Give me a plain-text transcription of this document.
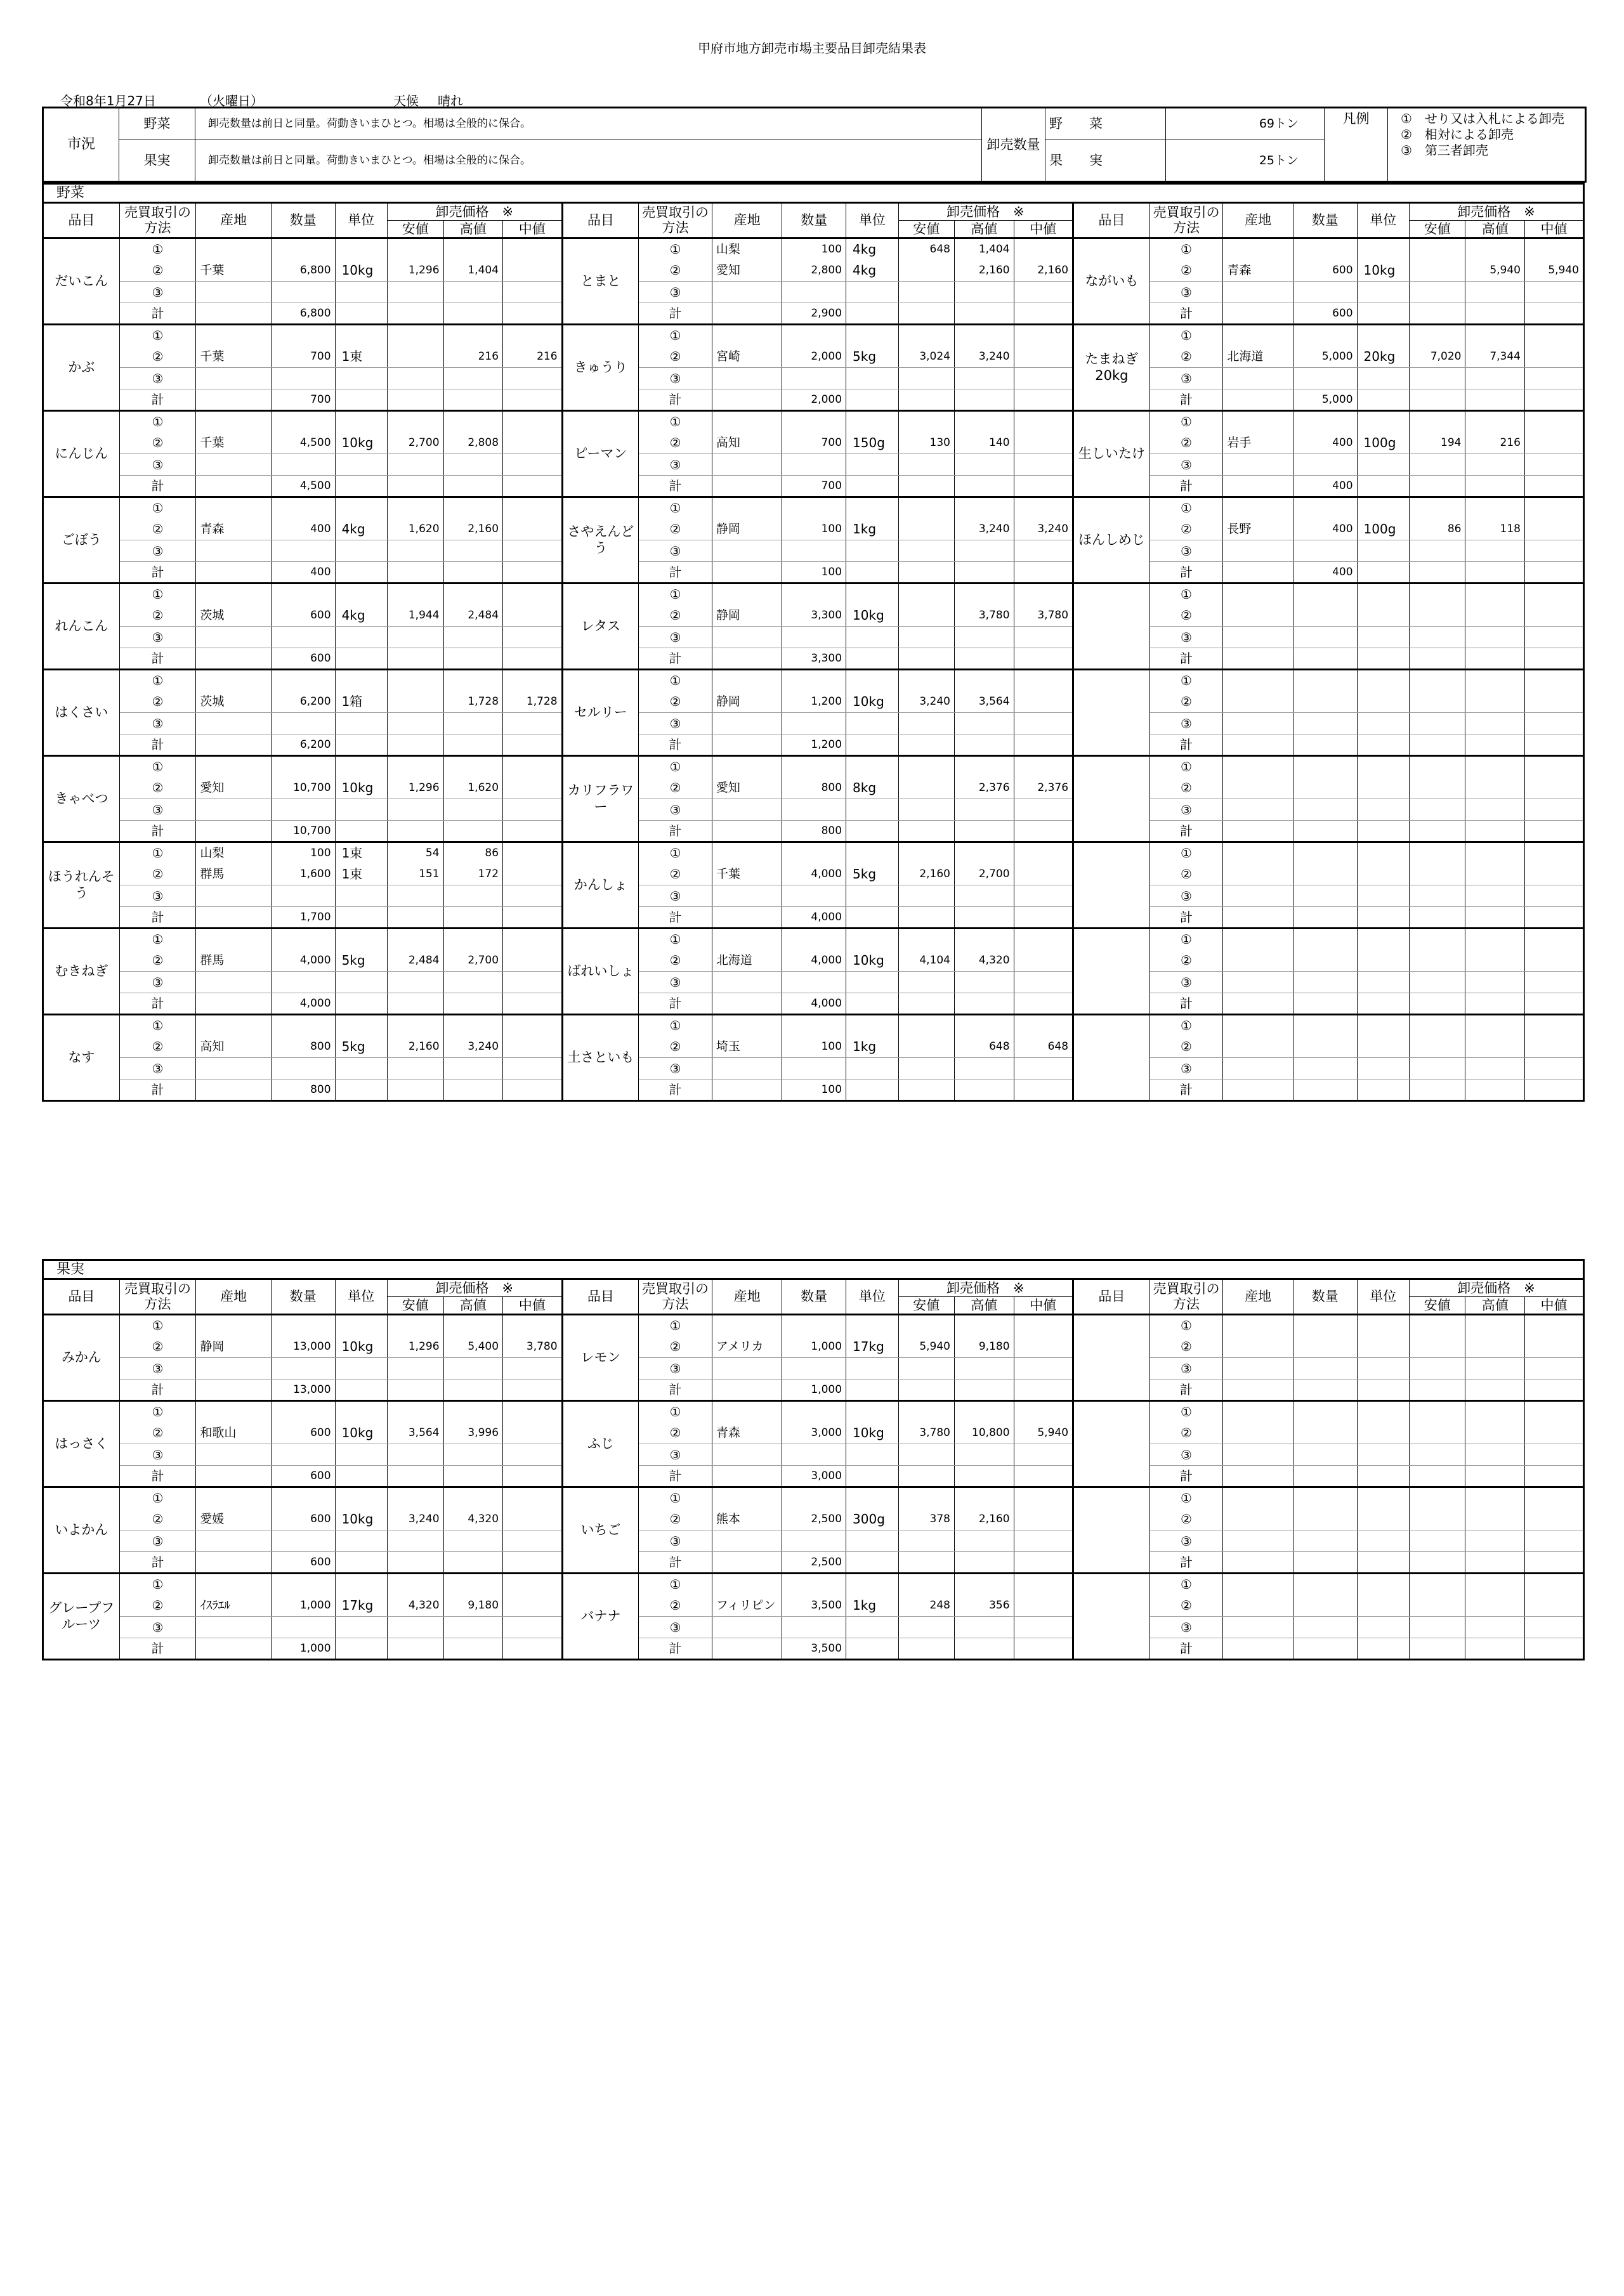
甲府市地方卸売市場主要品目卸売結果表
令和8年1月27日	（火曜日）	天候 晴れ
市況	野菜	卸売数量は前日と同量。荷動きいまひとつ。相場は全般的に保合。	卸売数量	野　　菜	69トン	凡例	①　せり又は入札による卸売
②　相対による卸売
③　第三者卸売

	果実	卸売数量は前日と同量。荷動きいまひとつ。相場は全般的に保合。		果　　実	25トン		
野菜																							
品目	売買取引の方法	産地	数量	単位	卸売価格　※			品目	売買取引の方法	産地	数量	単位	卸売価格　※			品目	売買取引の方法	産地	数量	単位	卸売価格　※		
					安値	高値	中値						安値	高値	中値						安値	高値	中値
だいこん	①							とまと	①	山梨	100	4kg	648	1,404		ながいも	①						
	②	千葉	6,800	10kg	1,296	1,404			②	愛知	2,800	4kg		2,160	2,160		②	青森	600	10kg		5,940	5,940
	③								③								③						
	計		6,800						計		2,900						計		600				
かぶ	①							きゅうり	①							たまねぎ20kg	①						
	②	千葉	700	1束		216	216		②	宮崎	2,000	5kg	3,024	3,240			②	北海道	5,000	20kg	7,020	7,344	
	③								③								③						
	計		700						計		2,000						計		5,000				
にんじん	①							ピーマン	①							生しいたけ	①						
	②	千葉	4,500	10kg	2,700	2,808			②	高知	700	150g	130	140			②	岩手	400	100g	194	216	
	③								③								③						
	計		4,500						計		700						計		400				
ごぼう	①							さやえんどう	①							ほんしめじ	①						
	②	青森	400	4kg	1,620	2,160			②	静岡	100	1kg		3,240	3,240		②	長野	400	100g	86	118	
	③								③								③						
	計		400						計		100						計		400				
れんこん	①							レタス	①								①						
	②	茨城	600	4kg	1,944	2,484			②	静岡	3,300	10kg		3,780	3,780		②						
	③								③								③						
	計		600						計		3,300						計						
はくさい	①							セルリー	①								①						
	②	茨城	6,200	1箱		1,728	1,728		②	静岡	1,200	10kg	3,240	3,564			②						
	③								③								③						
	計		6,200						計		1,200						計						
きゃべつ	①							カリフラワー	①								①						
	②	愛知	10,700	10kg	1,296	1,620			②	愛知	800	8kg		2,376	2,376		②						
	③								③								③						
	計		10,700						計		800						計						
ほうれんそう	①	山梨	100	1束	54	86		かんしょ	①								①						
	②	群馬	1,600	1束	151	172			②	千葉	4,000	5kg	2,160	2,700			②						
	③								③								③						
	計		1,700						計		4,000						計						
むきねぎ	①							ばれいしょ	①								①						
	②	群馬	4,000	5kg	2,484	2,700			②	北海道	4,000	10kg	4,104	4,320			②						
	③								③								③						
	計		4,000						計		4,000						計						
なす	①							土さといも	①								①						
	②	高知	800	5kg	2,160	3,240			②	埼玉	100	1kg		648	648		②						
	③								③								③						
	計		800						計		100						計						
果実																							
品目	売買取引の方法	産地	数量	単位	卸売価格　※			品目	売買取引の方法	産地	数量	単位	卸売価格　※			品目	売買取引の方法	産地	数量	単位	卸売価格　※		
					安値	高値	中値						安値	高値	中値						安値	高値	中値
みかん	①							レモン	①								①						
	②	静岡	13,000	10kg	1,296	5,400	3,780		②	アメリカ	1,000	17kg	5,940	9,180			②						
	③								③								③						
	計		13,000						計		1,000						計						
はっさく	①							ふじ	①								①						
	②	和歌山	600	10kg	3,564	3,996			②	青森	3,000	10kg	3,780	10,800	5,940		②						
	③								③								③						
	計		600						計		3,000						計						
いよかん	①							いちご	①								①						
	②	愛媛	600	10kg	3,240	4,320			②	熊本	2,500	300g	378	2,160			②						
	③								③								③						
	計		600						計		2,500						計						
グレープフルーツ	①							バナナ	①								①						
	②	ｲｽﾗｴﾙ	1,000	17kg	4,320	9,180			②	フィリピン	3,500	1kg	248	356			②						
	③								③								③						
	計		1,000						計		3,500						計						
